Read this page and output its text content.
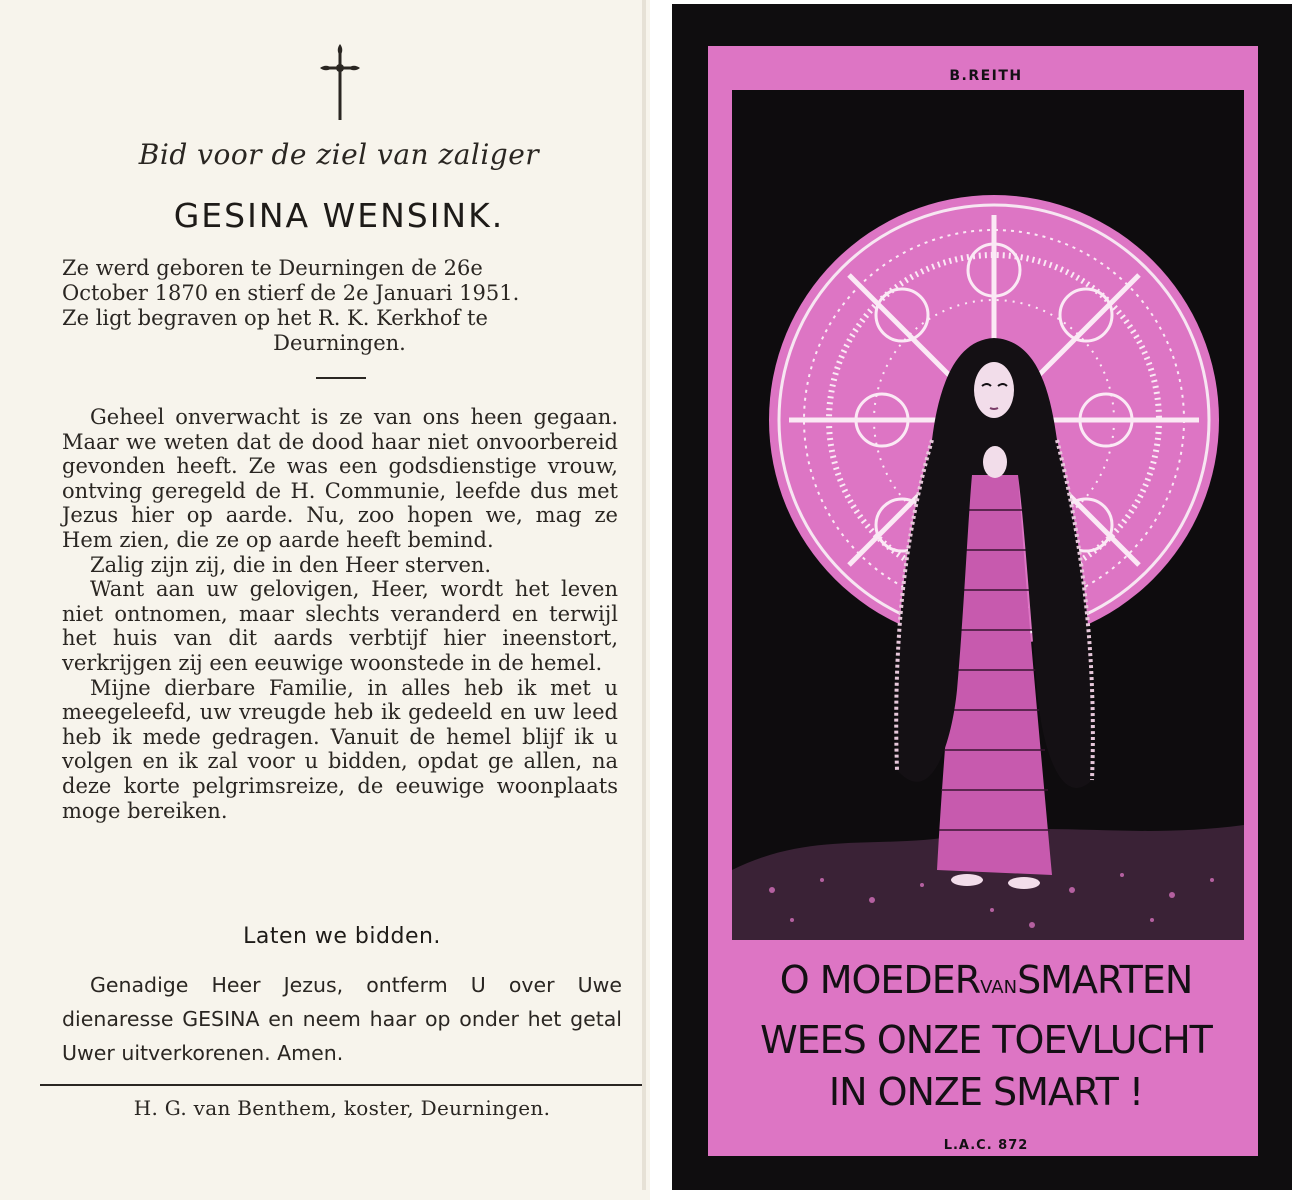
Bid voor de ziel van zaliger
GESINA WENSINK.
Ze werd geboren te Deurningen de 26e
October 1870 en stierf de 2e Januari 1951.
Ze ligt begraven op het R. K. Kerkhof te
Deurningen.

Geheel onverwacht is ze van ons heen gegaan. Maar we weten dat de dood haar niet onvoorbereid gevonden heeft. Ze was een godsdienstige vrouw, ontving geregeld de H. Communie, leefde dus met Jezus hier op aarde. Nu, zoo hopen we, mag ze Hem zien, die ze op aarde heeft bemind.

Zalig zijn zij, die in den Heer sterven.

Want aan uw gelovigen, Heer, wordt het leven niet ontnomen, maar slechts veranderd en terwijl het huis van dit aards verbtijf hier ineenstort, verkrijgen zij een eeuwige woonstede in de hemel.

Mijne dierbare Familie, in alles heb ik met u meegeleefd, uw vreugde heb ik gedeeld en uw leed heb ik mede gedragen. Vanuit de hemel blijf ik u volgen en ik zal voor u bidden, opdat ge allen, na deze korte pelgrimsreize, de eeuwige woonplaats moge bereiken.

Laten we bidden.
Genadige Heer Jezus, ontferm U over Uwe dienaresse GESINA en neem haar op onder het getal Uwer uitverkorenen. Amen.
H. G. van Benthem, koster, Deurningen.
B.REITH
O MOEDERVANSMARTEN
WEES ONZE TOEVLUCHT
IN ONZE SMART !
L.A.C. 872
